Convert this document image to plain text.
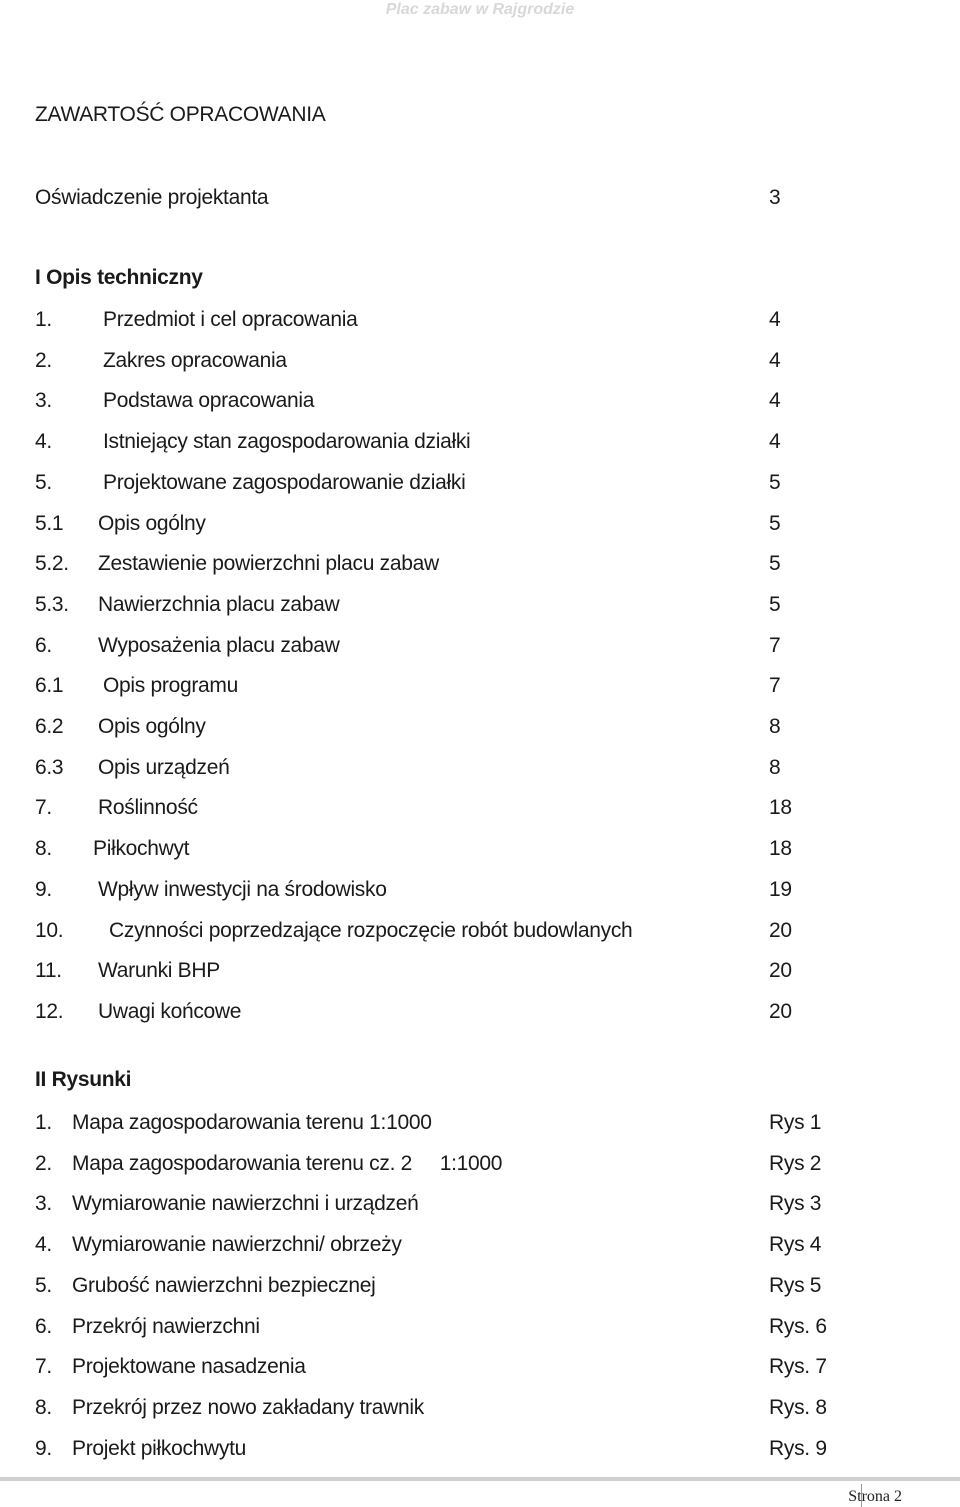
Plac zabaw w Rajgrodzie
ZAWARTOŚĆ OPRACOWANIA
Oświadczenie projektanta	3
I Opis techniczny
II Rysunki
Strona 2
1. Przedmiot i cel opracowania	4
2. Zakres opracowania	4
3. Podstawa opracowania	4
4. Istniejący stan zagospodarowania działki	4
5. Projektowane zagospodarowanie działki	5
5.1 Opis ogólny	5
5.2. Zestawienie powierzchni placu zabaw	5
5.3. Nawierzchnia placu zabaw	5
6. Wyposażenia placu zabaw	7
6.1 Opis programu	7
6.2 Opis ogólny	8
6.3 Opis urządzeń	8
7. Roślinność	18
8. Piłkochwyt	18
9. Wpływ inwestycji na środowisko	19
10. Czynności poprzedzające rozpoczęcie robót budowlanych	20
11. Warunki BHP	20
12. Uwagi końcowe	20
1. Mapa zagospodarowania terenu 1:1000	Rys 1
2. Mapa zagospodarowania terenu cz. 2     1:1000	Rys 2
3. Wymiarowanie nawierzchni i urządzeń	Rys 3
4. Wymiarowanie nawierzchni/ obrzeży	Rys 4
5. Grubość nawierzchni bezpiecznej	Rys 5
6. Przekrój nawierzchni	Rys. 6
7. Projektowane nasadzenia	Rys. 7
8. Przekrój przez nowo zakładany trawnik	Rys. 8
9. Projekt piłkochwytu	Rys. 9
